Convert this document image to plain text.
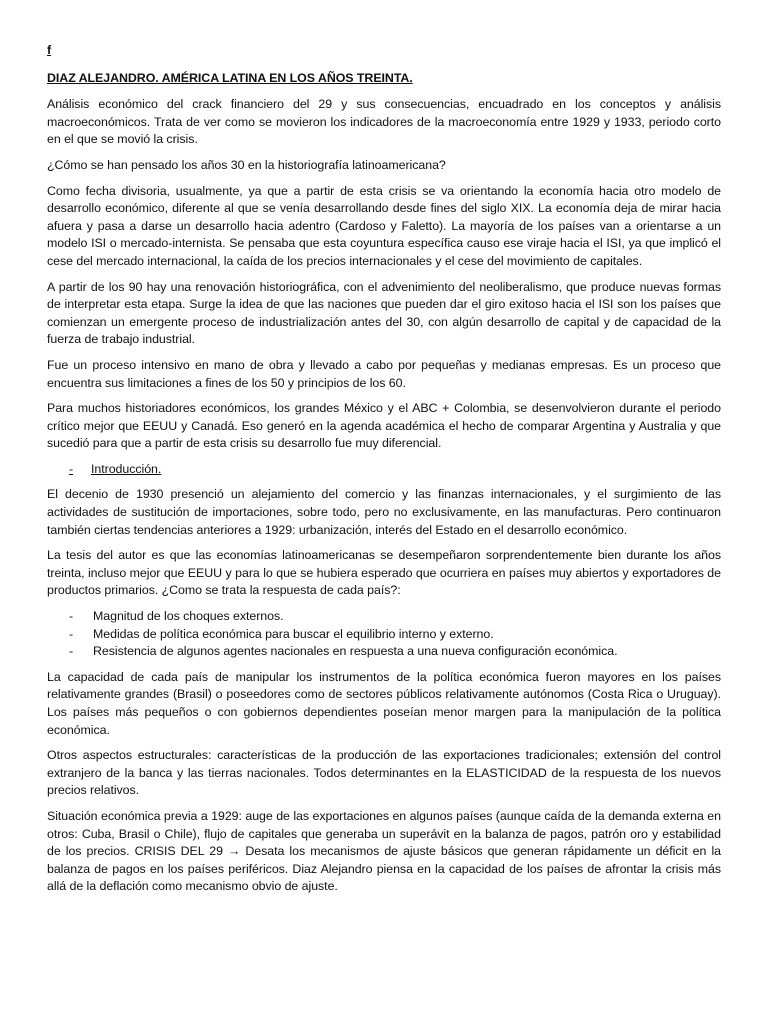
f

DIAZ ALEJANDRO. AMÉRICA LATINA EN LOS AÑOS TREINTA.

Análisis económico del crack financiero del 29 y sus consecuencias, encuadrado en los conceptos y análisis macroeconómicos. Trata de ver como se movieron los indicadores de la macroeconomía entre 1929 y 1933, periodo corto en el que se movió la crisis.

¿Cómo se han pensado los años 30 en la historiografía latinoamericana?

Como fecha divisoria, usualmente, ya que a partir de esta crisis se va orientando la economía hacia otro modelo de desarrollo económico, diferente al que se venía desarrollando desde fines del siglo XIX. La economía deja de mirar hacia afuera y pasa a darse un desarrollo hacia adentro (Cardoso y Faletto). La mayoría de los países van a orientarse a un modelo ISI o mercado-internista. Se pensaba que esta coyuntura específica causo ese viraje hacia el ISI, ya que implicó el cese del mercado internacional, la caída de los precios internacionales y el cese del movimiento de capitales.

A partir de los 90 hay una renovación historiográfica, con el advenimiento del neoliberalismo, que produce nuevas formas de interpretar esta etapa. Surge la idea de que las naciones que pueden dar el giro exitoso hacia el ISI son los países que comienzan un emergente proceso de industrialización antes del 30, con algún desarrollo de capital y de capacidad de la fuerza de trabajo industrial.

Fue un proceso intensivo en mano de obra y llevado a cabo por pequeñas y medianas empresas. Es un proceso que encuentra sus limitaciones a fines de los 50 y principios de los 60.

Para muchos historiadores económicos, los grandes México y el ABC + Colombia, se desenvolvieron durante el periodo crítico mejor que EEUU y Canadá. Eso generó en la agenda académica el hecho de comparar Argentina y Australia y que sucedió para que a partir de esta crisis su desarrollo fue muy diferencial.

-	Introducción.

El decenio de 1930 presenció un alejamiento del comercio y las finanzas internacionales, y el surgimiento de las actividades de sustitución de importaciones, sobre todo, pero no exclusivamente, en las manufacturas. Pero continuaron también ciertas tendencias anteriores a 1929: urbanización, interés del Estado en el desarrollo económico.

La tesis del autor es que las economías latinoamericanas se desempeñaron sorprendentemente bien durante los años treinta, incluso mejor que EEUU y para lo que se hubiera esperado que ocurriera en países muy abiertos y exportadores de productos primarios. ¿Como se trata la respuesta de cada país?:

-	Magnitud de los choques externos.
-	Medidas de política económica para buscar el equilibrio interno y externo.
-	Resistencia de algunos agentes nacionales en respuesta a una nueva configuración económica.

La capacidad de cada país de manipular los instrumentos de la política económica fueron mayores en los países relativamente grandes (Brasil) o poseedores como de sectores públicos relativamente autónomos (Costa Rica o Uruguay). Los países más pequeños o con gobiernos dependientes poseían menor margen para la manipulación de la política económica.

Otros aspectos estructurales: características de la producción de las exportaciones tradicionales; extensión del control extranjero de la banca y las tierras nacionales. Todos determinantes en la ELASTICIDAD de la respuesta de los nuevos precios relativos.

Situación económica previa a 1929: auge de las exportaciones en algunos países (aunque caída de la demanda externa en otros: Cuba, Brasil o Chile), flujo de capitales que generaba un superávit en la balanza de pagos, patrón oro y estabilidad de los precios. CRISIS DEL 29 → Desata los mecanismos de ajuste básicos que generan rápidamente un déficit en la balanza de pagos en los países periféricos. Diaz Alejandro piensa en la capacidad de los países de afrontar la crisis más allá de la deflación como mecanismo obvio de ajuste.
